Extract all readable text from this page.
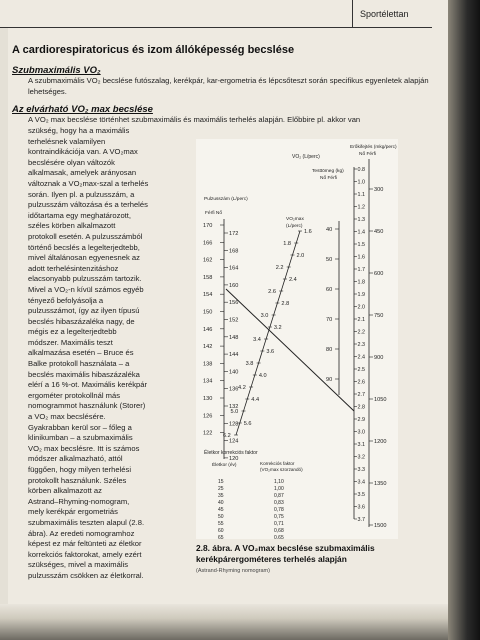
Sportélettan
A cardiorespiratoricus és izom állóképesség becslése
Szubmaximális VO₂
A szubmaximális VO₂ becslése futószalag, kerékpár, kar-ergometria és lépcsőteszt során specifikus egyenletek alapján lehetséges.
Az elvárható VO₂ max becslése
A VO₂ max becslése történhet szubmaximális és maximális terhelés alapján. Előbbire pl. akkor van
szükség, hogy ha a maximális
terhelésnek valamilyen
kontraindikációja van. A VO₂max
becslésére olyan változók
alkalmasak, amelyek arányosan
változnak a VO₂max-szal a terhelés
során. Ilyen pl. a pulzusszám, a
pulzusszám változása és a terhelés
időtartama egy meghatározott,
széles körben alkalmazott
protokoll esetén. A pulzusszámból
történő becslés a legelterjedtebb,
mivel általánosan egyenesnek az
adott terhelésintenzitáshoz
elacsonyabb pulzusszám tartozik.
Mivel a VO₂-n kívül számos egyéb
tényező befolyásolja a
pulzusszámot, így az ilyen típusú
becslés hibaszázaléka nagy, de
mégis ez a legelterjedtebb
módszer. Maximális teszt
alkalmazása esetén – Bruce és
Balke protokoll használata – a
becslés maximális hibaszázaléka
elérí a 16 %-ot. Maximális kerékpár
ergométer protokollnál más
nomogrammot használunk (Storer)
a VO₂ max becslésére.
Gyakrabban kerül sor – főleg a
klinikumban – a szubmaximális
VO₂ max becslésre. Itt is számos
módszer alkalmazható, attól
függően, hogy milyen terhelési
protokollt használunk. Széles
körben alkalmazott az
Astrand–Rhyming-nomogram,
mely kerékpár ergometriás
szubmaximális teszten alapul (2.8.
ábra). Az eredeti nomogramhoz
képest ez már feltünteti az életkor
korrekciós faktorokat, amely ezért
szükséges, mivel a maximális
pulzusszám csökken az életkorral.
Erőkifejtés (mkg/perc)
Nő Férfi
VO₂ (L/perc)
Testtömeg (kg)
Nő Férfi
VO₂max
(L/perc)
Pulzusszám (L/perc)
Férfi Nő
170
166
162
158
154
150
146
142
138
134
130
126
122
172
168
164
160
156
152
148
144
140
136
132
128
124
120
1.6
1.8
2.0
2.2
2.4
2.6
2.8
3.0
3.2
3.4
3.6
3.8
4.0
4.2
4.4
5.0
5.6
6.2
40
50
60
70
80
90
0.8
1.0
1.1
1.2
1.3
1.4
1.5
1.6
1.7
1.8
1.9
2.0
2.1
2.2
2.3
2.4
2.5
2.6
2.7
2.8
2.9
3.0
3.1
3.2
3.3
3.4
3.5
3.6
3.7
300
450
600
750
900
1050
1200
1350
1500
Életkor korrekciós faktor
Életkor (év)	Korrekciós faktor
(VO₂max szorzandó)
15	1,10
25	1,00
35	0,87
40	0,83
45	0,78
50	0,75
55	0,71
60	0,68
65	0,65
2.8. ábra. A VO₂max becslése szubmaximális kerékpárergométeres terhelés alapján
(Astrand-Rhyming nomogram)
